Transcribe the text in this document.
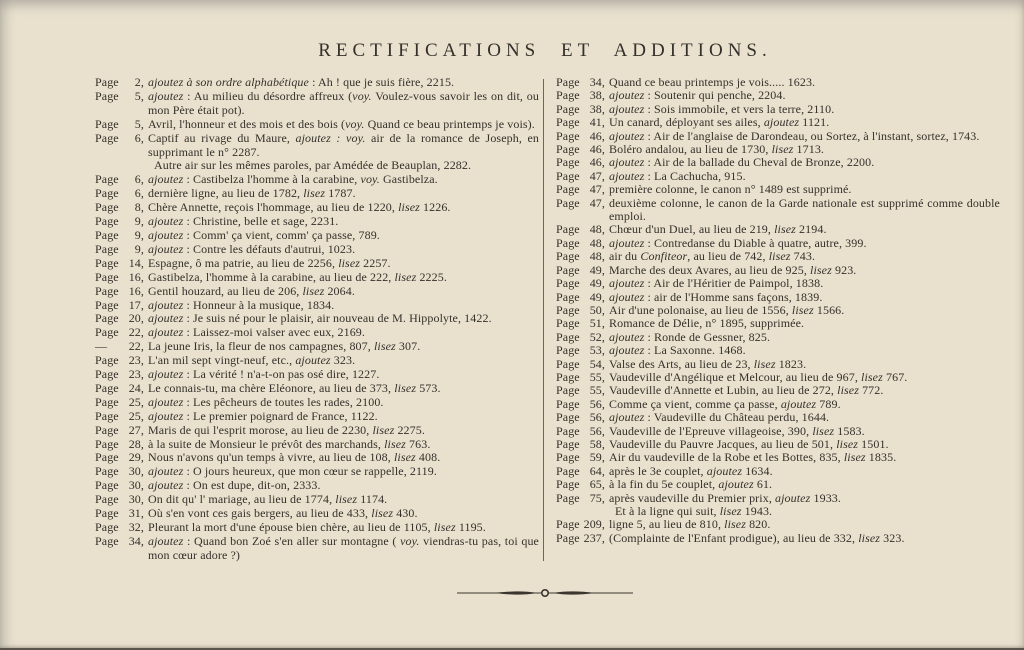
RECTIFICATIONS ET ADDITIONS.
Page 2, ajoutez à son ordre alphabétique : Ah ! que je suis fière, 2215.
Page 5, ajoutez : Au milieu du désordre affreux (voy. Voulez-vous savoir les on dit, ou mon Père était pot).
Page 5, Avril, l'honneur et des mois et des bois (voy. Quand ce beau printemps je vois).
Page 6, Captif au rivage du Maure, ajoutez : voy. air de la romance de Joseph, en supprimant le n° 2287.
Autre air sur les mêmes paroles, par Amédée de Beauplan, 2282.
Page 6, ajoutez : Castibelza l'homme à la carabine, voy. Gastibelza.
Page 6, dernière ligne, au lieu de 1782, lisez 1787.
Page 8, Chère Annette, reçois l'hommage, au lieu de 1220, lisez 1226.
Page 9, ajoutez : Christine, belle et sage, 2231.
Page 9, ajoutez : Comm' ça vient, comm' ça passe, 789.
Page 9, ajoutez : Contre les défauts d'autrui, 1023.
Page 14, Espagne, ô ma patrie, au lieu de 2256, lisez 2257.
Page 16, Gastibelza, l'homme à la carabine, au lieu de 222, lisez 2225.
Page 16, Gentil houzard, au lieu de 206, lisez 2064.
Page 17, ajoutez : Honneur à la musique, 1834.
Page 20, ajoutez : Je suis né pour le plaisir, air nouveau de M. Hippolyte, 1422.
Page 22, ajoutez : Laissez-moi valser avec eux, 2169.
— 22, La jeune Iris, la fleur de nos campagnes, 807, lisez 307.
Page 23, L'an mil sept vingt-neuf, etc., ajoutez 323.
Page 23, ajoutez : La vérité ! n'a-t-on pas osé dire, 1227.
Page 24, Le connais-tu, ma chère Eléonore, au lieu de 373, lisez 573.
Page 25, ajoutez : Les pêcheurs de toutes les rades, 2100.
Page 25, ajoutez : Le premier poignard de France, 1122.
Page 27, Maris de qui l'esprit morose, au lieu de 2230, lisez 2275.
Page 28, à la suite de Monsieur le prévôt des marchands, lisez 763.
Page 29, Nous n'avons qu'un temps à vivre, au lieu de 108, lisez 408.
Page 30, ajoutez : O jours heureux, que mon cœur se rappelle, 2119.
Page 30, ajoutez : On est dupe, dit-on, 2333.
Page 30, On dit qu' l' mariage, au lieu de 1774, lisez 1174.
Page 31, Où s'en vont ces gais bergers, au lieu de 433, lisez 430.
Page 32, Pleurant la mort d'une épouse bien chère, au lieu de 1105, lisez 1195.
Page 34, ajoutez : Quand bon Zoé s'en aller sur montagne ( voy. viendras-tu pas, toi que mon cœur adore ?)
Page 34, Quand ce beau printemps je vois..... 1623.
Page 38, ajoutez : Soutenir qui penche, 2204.
Page 38, ajoutez : Sois immobile, et vers la terre, 2110.
Page 41, Un canard, déployant ses ailes, ajoutez 1121.
Page 46, ajoutez : Air de l'anglaise de Darondeau, ou Sortez, à l'instant, sortez, 1743.
Page 46, Boléro andalou, au lieu de 1730, lisez 1713.
Page 46, ajoutez : Air de la ballade du Cheval de Bronze, 2200.
Page 47, ajoutez : La Cachucha, 915.
Page 47, première colonne, le canon n° 1489 est supprimé.
Page 47, deuxième colonne, le canon de la Garde nationale est supprimé comme double emploi.
Page 48, Chœur d'un Duel, au lieu de 219, lisez 2194.
Page 48, ajoutez : Contredanse du Diable à quatre, autre, 399.
Page 48, air du Confiteor, au lieu de 742, lisez 743.
Page 49, Marche des deux Avares, au lieu de 925, lisez 923.
Page 49, ajoutez : Air de l'Héritier de Paimpol, 1838.
Page 49, ajoutez : air de l'Homme sans façons, 1839.
Page 50, Air d'une polonaise, au lieu de 1556, lisez 1566.
Page 51, Romance de Délie, n° 1895, supprimée.
Page 52, ajoutez : Ronde de Gessner, 825.
Page 53, ajoutez : La Saxonne. 1468.
Page 54, Valse des Arts, au lieu de 23, lisez 1823.
Page 55, Vaudeville d'Angélique et Melcour, au lieu de 967, lisez 767.
Page 55, Vaudeville d'Annette et Lubin, au lieu de 272, lisez 772.
Page 56, Comme ça vient, comme ça passe, ajoutez 789.
Page 56, ajoutez : Vaudeville du Château perdu, 1644.
Page 56, Vaudeville de l'Epreuve villageoise, 390, lisez 1583.
Page 58, Vaudeville du Pauvre Jacques, au lieu de 501, lisez 1501.
Page 59, Air du vaudeville de la Robe et les Bottes, 835, lisez 1835.
Page 64, après le 3e couplet, ajoutez 1634.
Page 65, à la fin du 5e couplet, ajoutez 61.
Page 75, après vaudeville du Premier prix, ajoutez 1933.
Et à la ligne qui suit, lisez 1943.
Page 209, ligne 5, au lieu de 810, lisez 820.
Page 237, (Complainte de l'Enfant prodigue), au lieu de 332, lisez 323.
